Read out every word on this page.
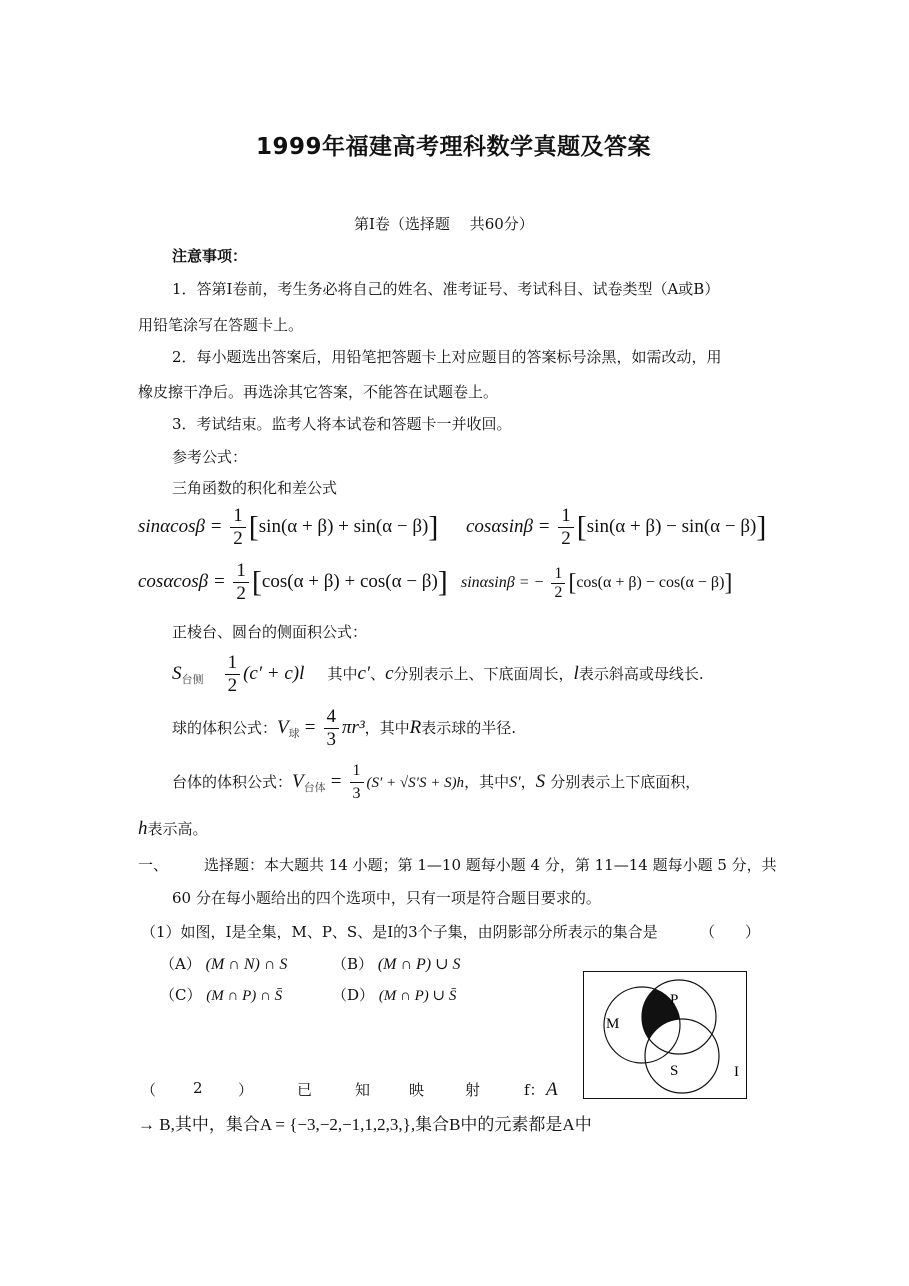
1999年福建高考理科数学真题及答案
第Ⅰ卷（选择题　 共60分）
注意事项：
1．答第Ⅰ卷前，考生务必将自己的姓名、准考证号、考试科目、试卷类型（A或B）
用铅笔涂写在答题卡上。
2．每小题选出答案后，用铅笔把答题卡上对应题目的答案标号涂黑，如需改动，用
橡皮擦干净后。再选涂其它答案，不能答在试题卷上。
3．考试结束。监考人将本试卷和答题卡一并收回。
参考公式：
三角函数的积化和差公式
$\sin\alpha\cos\beta = \frac{1}{2} [\sin(\alpha + \beta) + \sin(\alpha - \beta)] \cos\alpha\sin\beta = \frac{1}{2} [\sin(\alpha + \beta) - \sin(\alpha - \beta)]$
$\cos\alpha\cos\beta = \frac{1}{2} [\cos(\alpha + \beta) + \cos(\alpha - \beta)] \sin\alpha\sin\beta$ = − $\frac{1}{2} [\cos(\alpha + \beta) - \cos(\alpha - \beta)]$
正棱台、圆台的侧面积公式：
$S_{台侧} \frac{1}{2} (c' + c)l$ 其中c′、c分别表示上、下底面周长，l表示斜高或母线长.
球的体积公式：$V_球 = \frac{4}{3} \pi r^3$，其中R表示球的半径.
台体的体积公式：$V_{台体} = \frac{1}{3} (S' + √S'S + S)h$，其中S′，S 分别表示上下底面积，
h表示高。
一、 选择题：本大题共 14 小题；第 1—10 题每小题 4 分，第 11—14 题每小题 5 分，共
60 分在每小题给出的四个选项中，只有一项是符合题目要求的。
（1）如图，I是全集，M、P、S、是I的3个子集，由阴影部分所表示的集合是	（　　）
（A） (M ∩ N) ∩ S	（B） (M ∩ P) ∪ S
（C） (M ∩ P) ∩ S̄	（D） (M ∩ P) ∪ S̄
M
P
S	I
（ 2 ）	已	知	映	射	f： A
→ B,其中，集合A = {−3,−2,−1,1,2,3,},集合B中的元素都是A中
